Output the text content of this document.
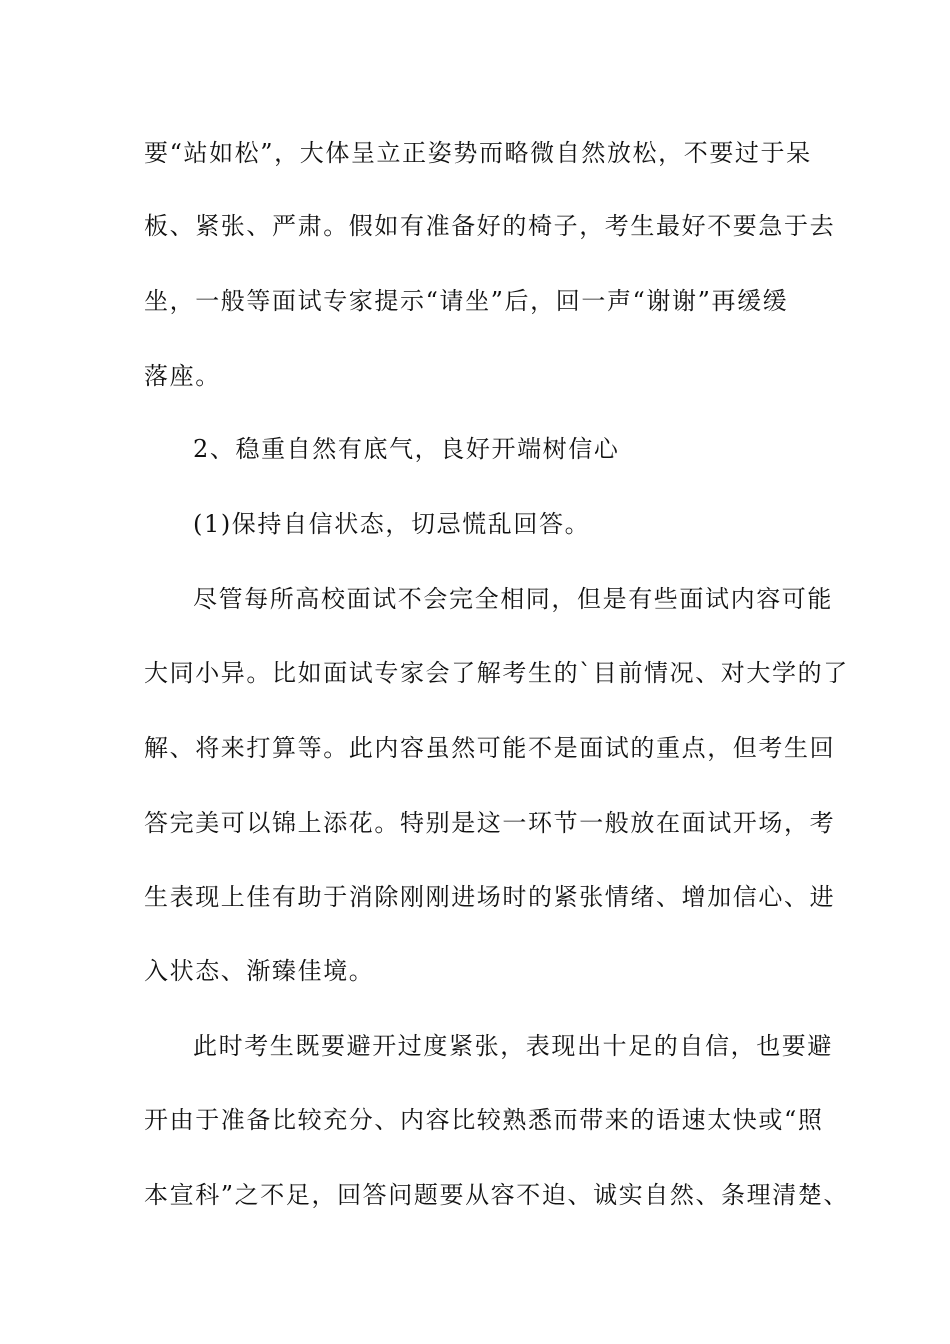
要“站如松”，大体呈立正姿势而略微自然放松，不要过于呆
板、紧张、严肃。假如有准备好的椅子，考生最好不要急于去
坐，一般等面试专家提示“请坐”后，回一声“谢谢”再缓缓
落座。
2、稳重自然有底气，良好开端树信心
(1)保持自信状态，切忌慌乱回答。
尽管每所高校面试不会完全相同，但是有些面试内容可能
大同小异。比如面试专家会了解考生的`目前情况、对大学的了
解、将来打算等。此内容虽然可能不是面试的重点，但考生回
答完美可以锦上添花。特别是这一环节一般放在面试开场，考
生表现上佳有助于消除刚刚进场时的紧张情绪、增加信心、进
入状态、渐臻佳境。
此时考生既要避开过度紧张，表现出十足的自信，也要避
开由于准备比较充分、内容比较熟悉而带来的语速太快或“照
本宣科”之不足，回答问题要从容不迫、诚实自然、条理清楚、
